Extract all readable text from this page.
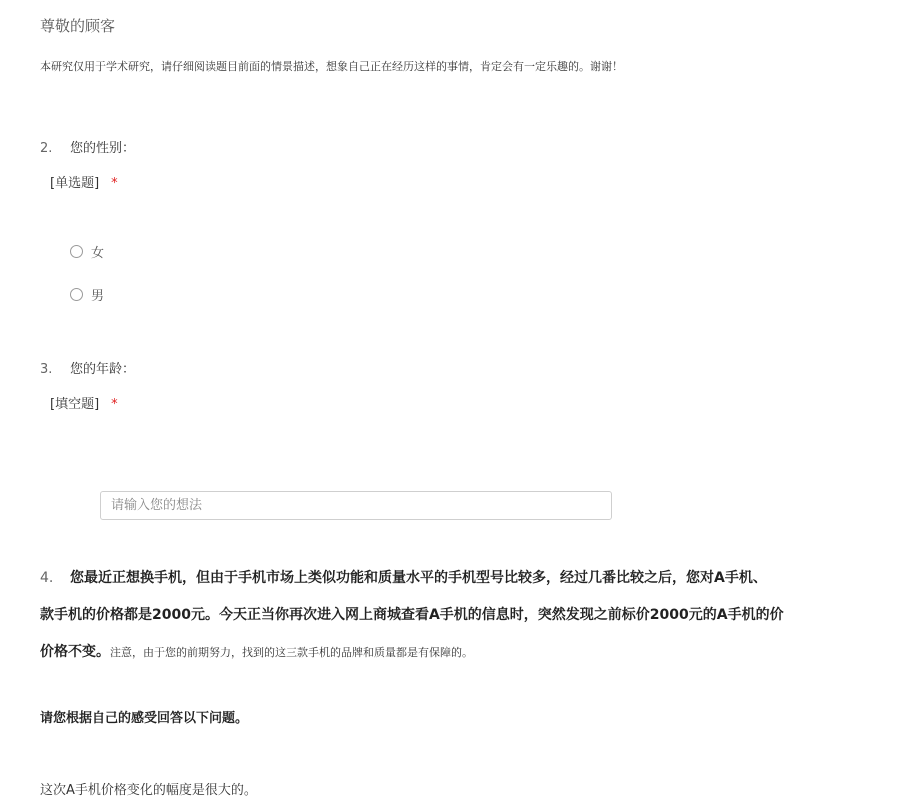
尊敬的顾客
本研究仅用于学术研究，请仔细阅读题目前面的情景描述，想象自己正在经历这样的事情，肯定会有一定乐趣的。谢谢！
2. 您的性别：
[单选题] *
女
男
3. 您的年龄：
[填空题] *
请输入您的想法
4. 您最近正想换手机，但由于手机市场上类似功能和质量水平的手机型号比较多，经过几番比较之后，您对A手机、
款手机的价格都是2000元。今天正当你再次进入网上商城查看A手机的信息时，突然发现之前标价2000元的A手机的价
价格不变。注意，由于您的前期努力，找到的这三款手机的品牌和质量都是有保障的。
请您根据自己的感受回答以下问题。
这次A手机价格变化的幅度是很大的。
